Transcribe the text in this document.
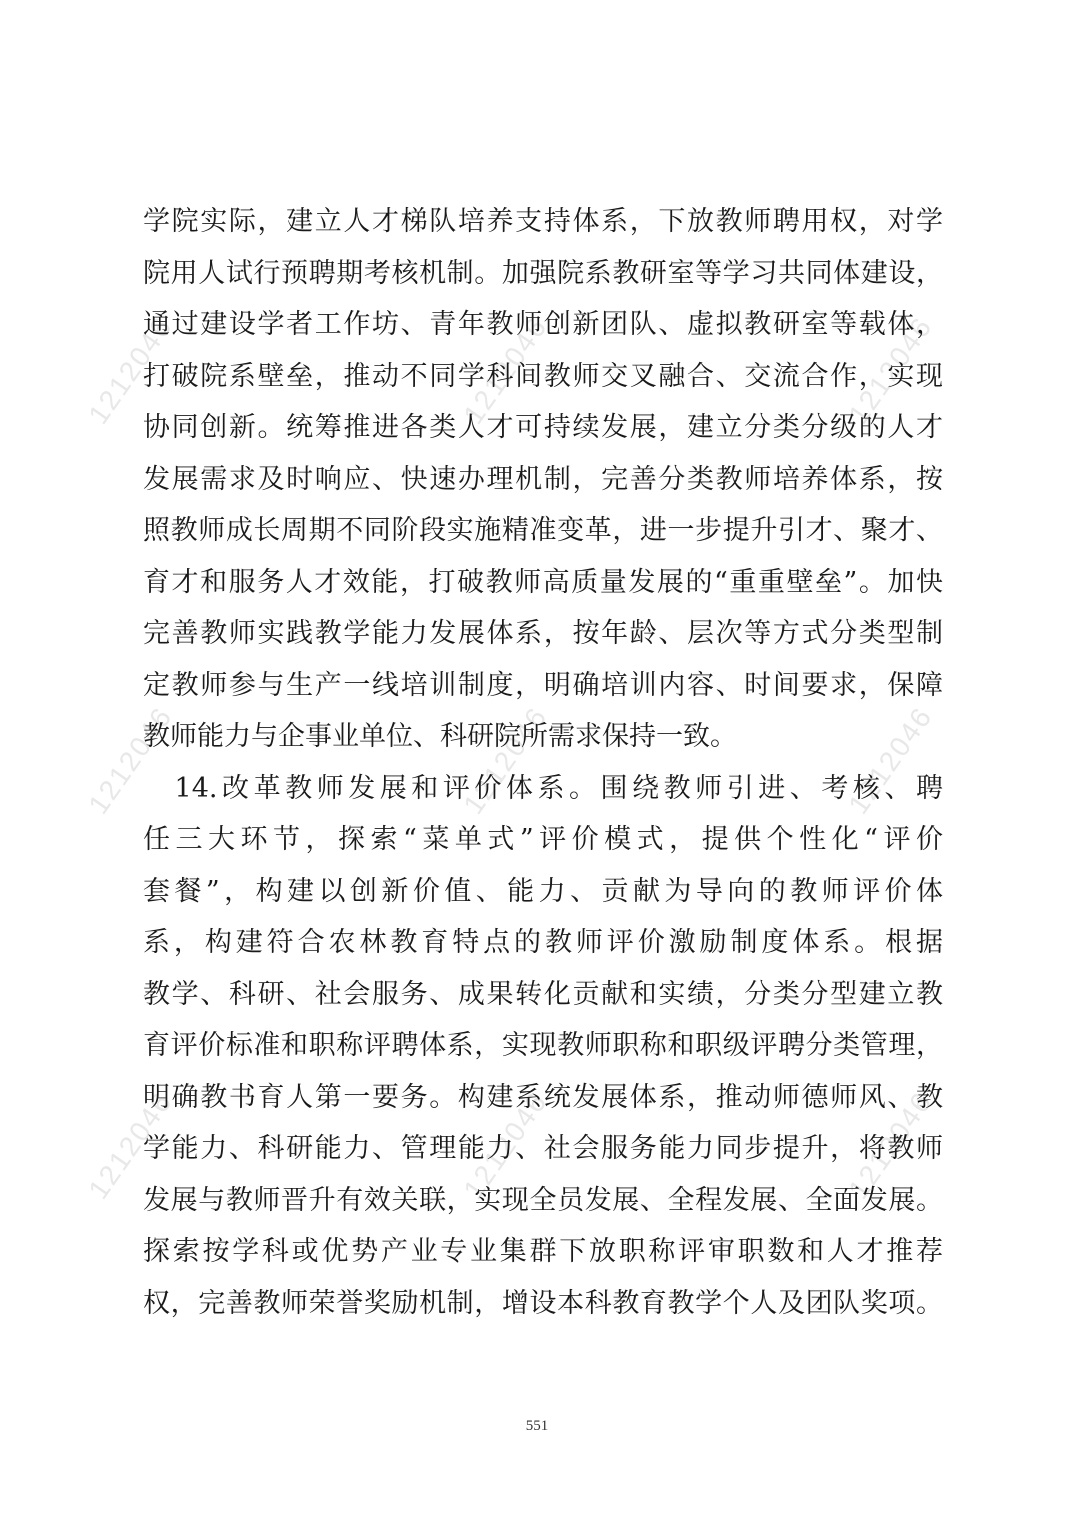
1212046	1212046	1212046
1212046	1212046	1212046
1212046	1212046	1212046
学院实际，建立人才梯队培养支持体系，下放教师聘用权，对学
院用人试行预聘期考核机制。加强院系教研室等学习共同体建设，
通过建设学者工作坊、青年教师创新团队、虚拟教研室等载体，
打破院系壁垒，推动不同学科间教师交叉融合、交流合作，实现
协同创新。统筹推进各类人才可持续发展，建立分类分级的人才
发展需求及时响应、快速办理机制，完善分类教师培养体系，按
照教师成长周期不同阶段实施精准变革，进一步提升引才、聚才、
育才和服务人才效能，打破教师高质量发展的“重重壁垒”。加快
完善教师实践教学能力发展体系，按年龄、层次等方式分类型制
定教师参与生产一线培训制度，明确培训内容、时间要求，保障
教师能力与企事业单位、科研院所需求保持一致。
　14.改革教师发展和评价体系。围绕教师引进、考核、聘
任三大环节，探索“菜单式”评价模式，提供个性化“评价
套餐”，构建以创新价值、能力、贡献为导向的教师评价体
系，构建符合农林教育特点的教师评价激励制度体系。根据
教学、科研、社会服务、成果转化贡献和实绩，分类分型建立教
育评价标准和职称评聘体系，实现教师职称和职级评聘分类管理，
明确教书育人第一要务。构建系统发展体系，推动师德师风、教
学能力、科研能力、管理能力、社会服务能力同步提升，将教师
发展与教师晋升有效关联，实现全员发展、全程发展、全面发展。
探索按学科或优势产业专业集群下放职称评审职数和人才推荐
权，完善教师荣誉奖励机制，增设本科教育教学个人及团队奖项。
551
